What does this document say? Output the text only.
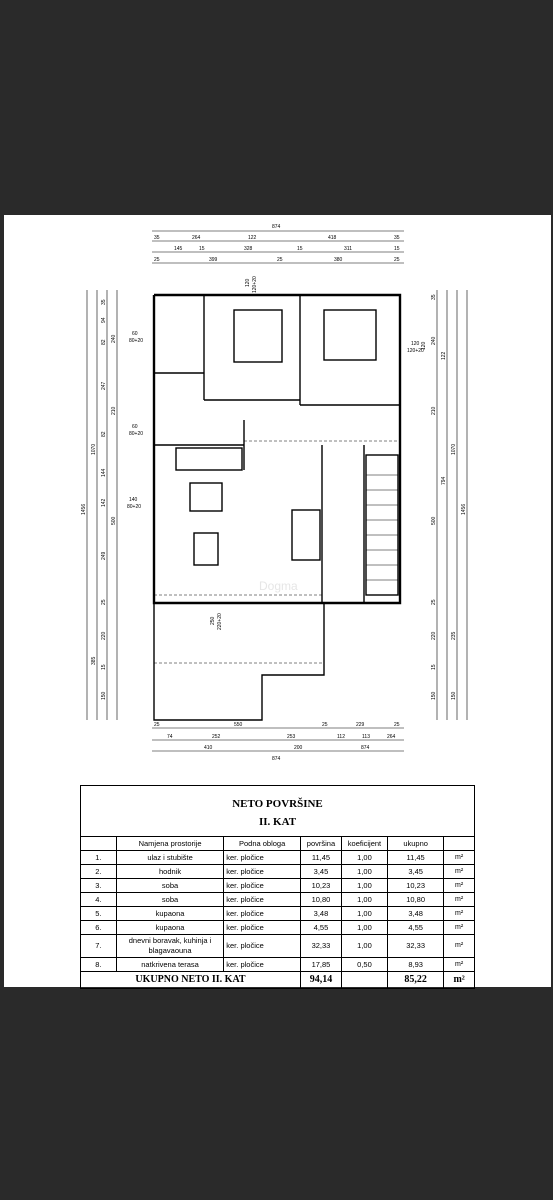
Dogma
874
35	264	122	418	35
145	15	328	15	311	15
25	399	25	380	25
25	550	25	229	25
74	252	253	112	113	264
410	200	874
874
1456
1070
385
35
94
82 240
247
210
82
144
142
500
249
25
220
15
150
35
120
240
122
210
1070
794
1456
500
25
220	235
15
150	150
120 120+20
60
80+20
60
80+20
140
80+20
120
120+20
250 220+20
NETO POVRŠINE						
II. KAT						
	Namjena prostorije	Podna obloga	površina	koeficijent	ukupno	
1.	ulaz i stubište	ker. pločice	11,45	1,00	11,45	m²
2.	hodnik	ker. pločice	3,45	1,00	3,45	m²
3.	soba	ker. pločice	10,23	1,00	10,23	m²
4.	soba	ker. pločice	10,80	1,00	10,80	m²
5.	kupaona	ker. pločice	3,48	1,00	3,48	m²
6.	kupaona	ker. pločice	4,55	1,00	4,55	m²
7.	dnevni boravak, kuhinja i blagavaouna	ker. pločice	32,33	1,00	32,33	m²
8.	natkrivena terasa	ker. pločice	17,85	0,50	8,93	m²
UKUPNO NETO II. KAT			94,14		85,22	m²
